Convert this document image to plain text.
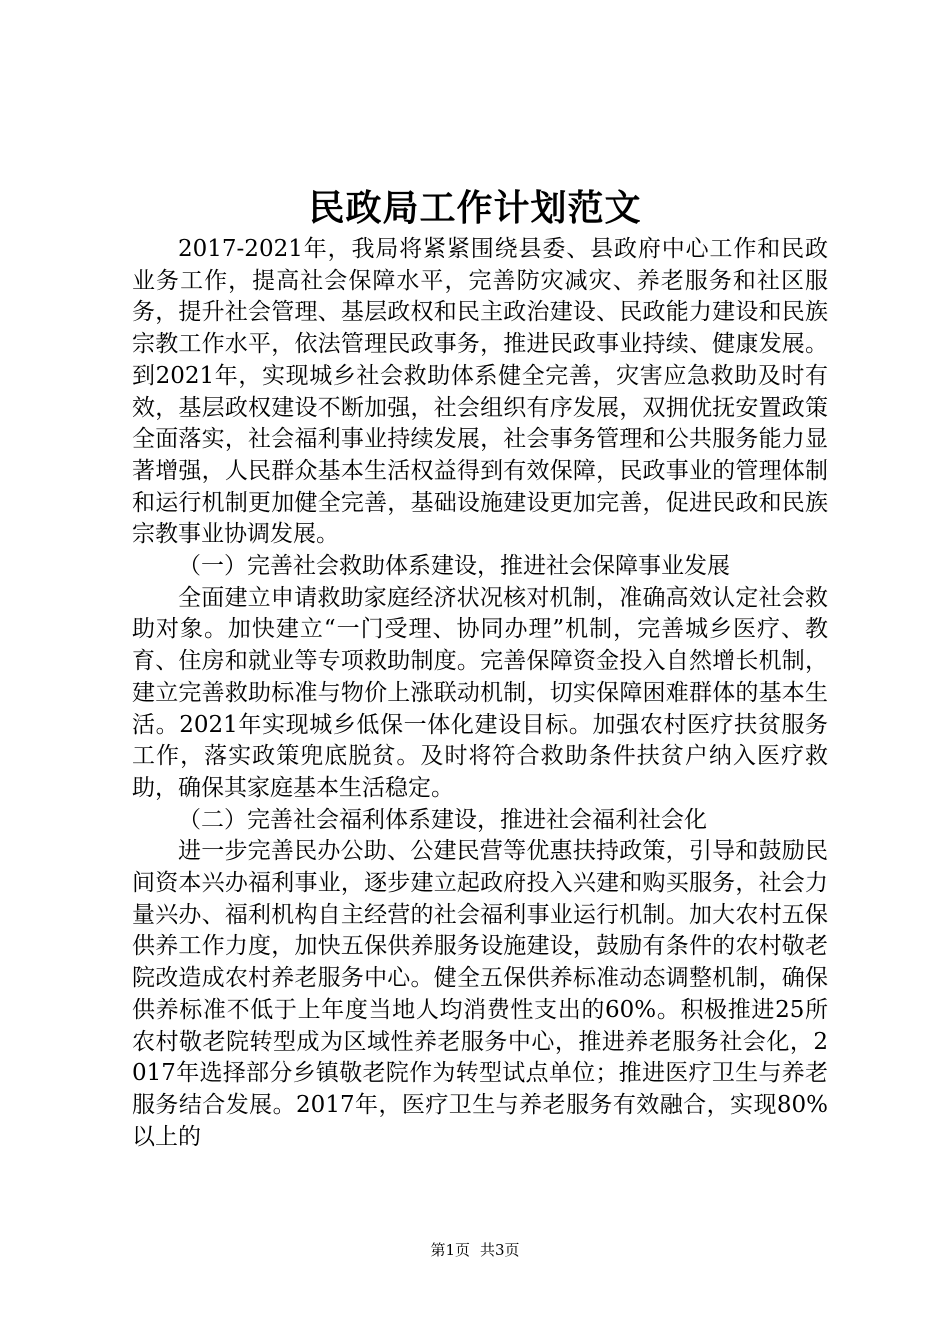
民政局工作计划范文

2017-2021年，我局将紧紧围绕县委、县政府中心工作和民政业务工作，提高社会保障水平，完善防灾减灾、养老服务和社区服务，提升社会管理、基层政权和民主政治建设、民政能力建设和民族宗教工作水平，依法管理民政事务，推进民政事业持续、健康发展。到2021年，实现城乡社会救助体系健全完善，灾害应急救助及时有效，基层政权建设不断加强，社会组织有序发展，双拥优抚安置政策全面落实，社会福利事业持续发展，社会事务管理和公共服务能力显著增强，人民群众基本生活权益得到有效保障，民政事业的管理体制和运行机制更加健全完善，基础设施建设更加完善，促进民政和民族宗教事业协调发展。

（一）完善社会救助体系建设，推进社会保障事业发展

全面建立申请救助家庭经济状况核对机制，准确高效认定社会救助对象。加快建立“一门受理、协同办理”机制，完善城乡医疗、教育、住房和就业等专项救助制度。完善保障资金投入自然增长机制，建立完善救助标准与物价上涨联动机制，切实保障困难群体的基本生活。2021年实现城乡低保一体化建设目标。加强农村医疗扶贫服务工作，落实政策兜底脱贫。及时将符合救助条件扶贫户纳入医疗救助，确保其家庭基本生活稳定。

（二）完善社会福利体系建设，推进社会福利社会化

进一步完善民办公助、公建民营等优惠扶持政策，引导和鼓励民间资本兴办福利事业，逐步建立起政府投入兴建和购买服务，社会力量兴办、福利机构自主经营的社会福利事业运行机制。加大农村五保供养工作力度，加快五保供养服务设施建设，鼓励有条件的农村敬老院改造成农村养老服务中心。健全五保供养标准动态调整机制，确保供养标准不低于上年度当地人均消费性支出的60%。积极推进25所农村敬老院转型成为区域性养老服务中心，推进养老服务社会化，2017年选择部分乡镇敬老院作为转型试点单位；推进医疗卫生与养老服务结合发展。2017年，医疗卫生与养老服务有效融合，实现80%以上的

第1页 共3页
